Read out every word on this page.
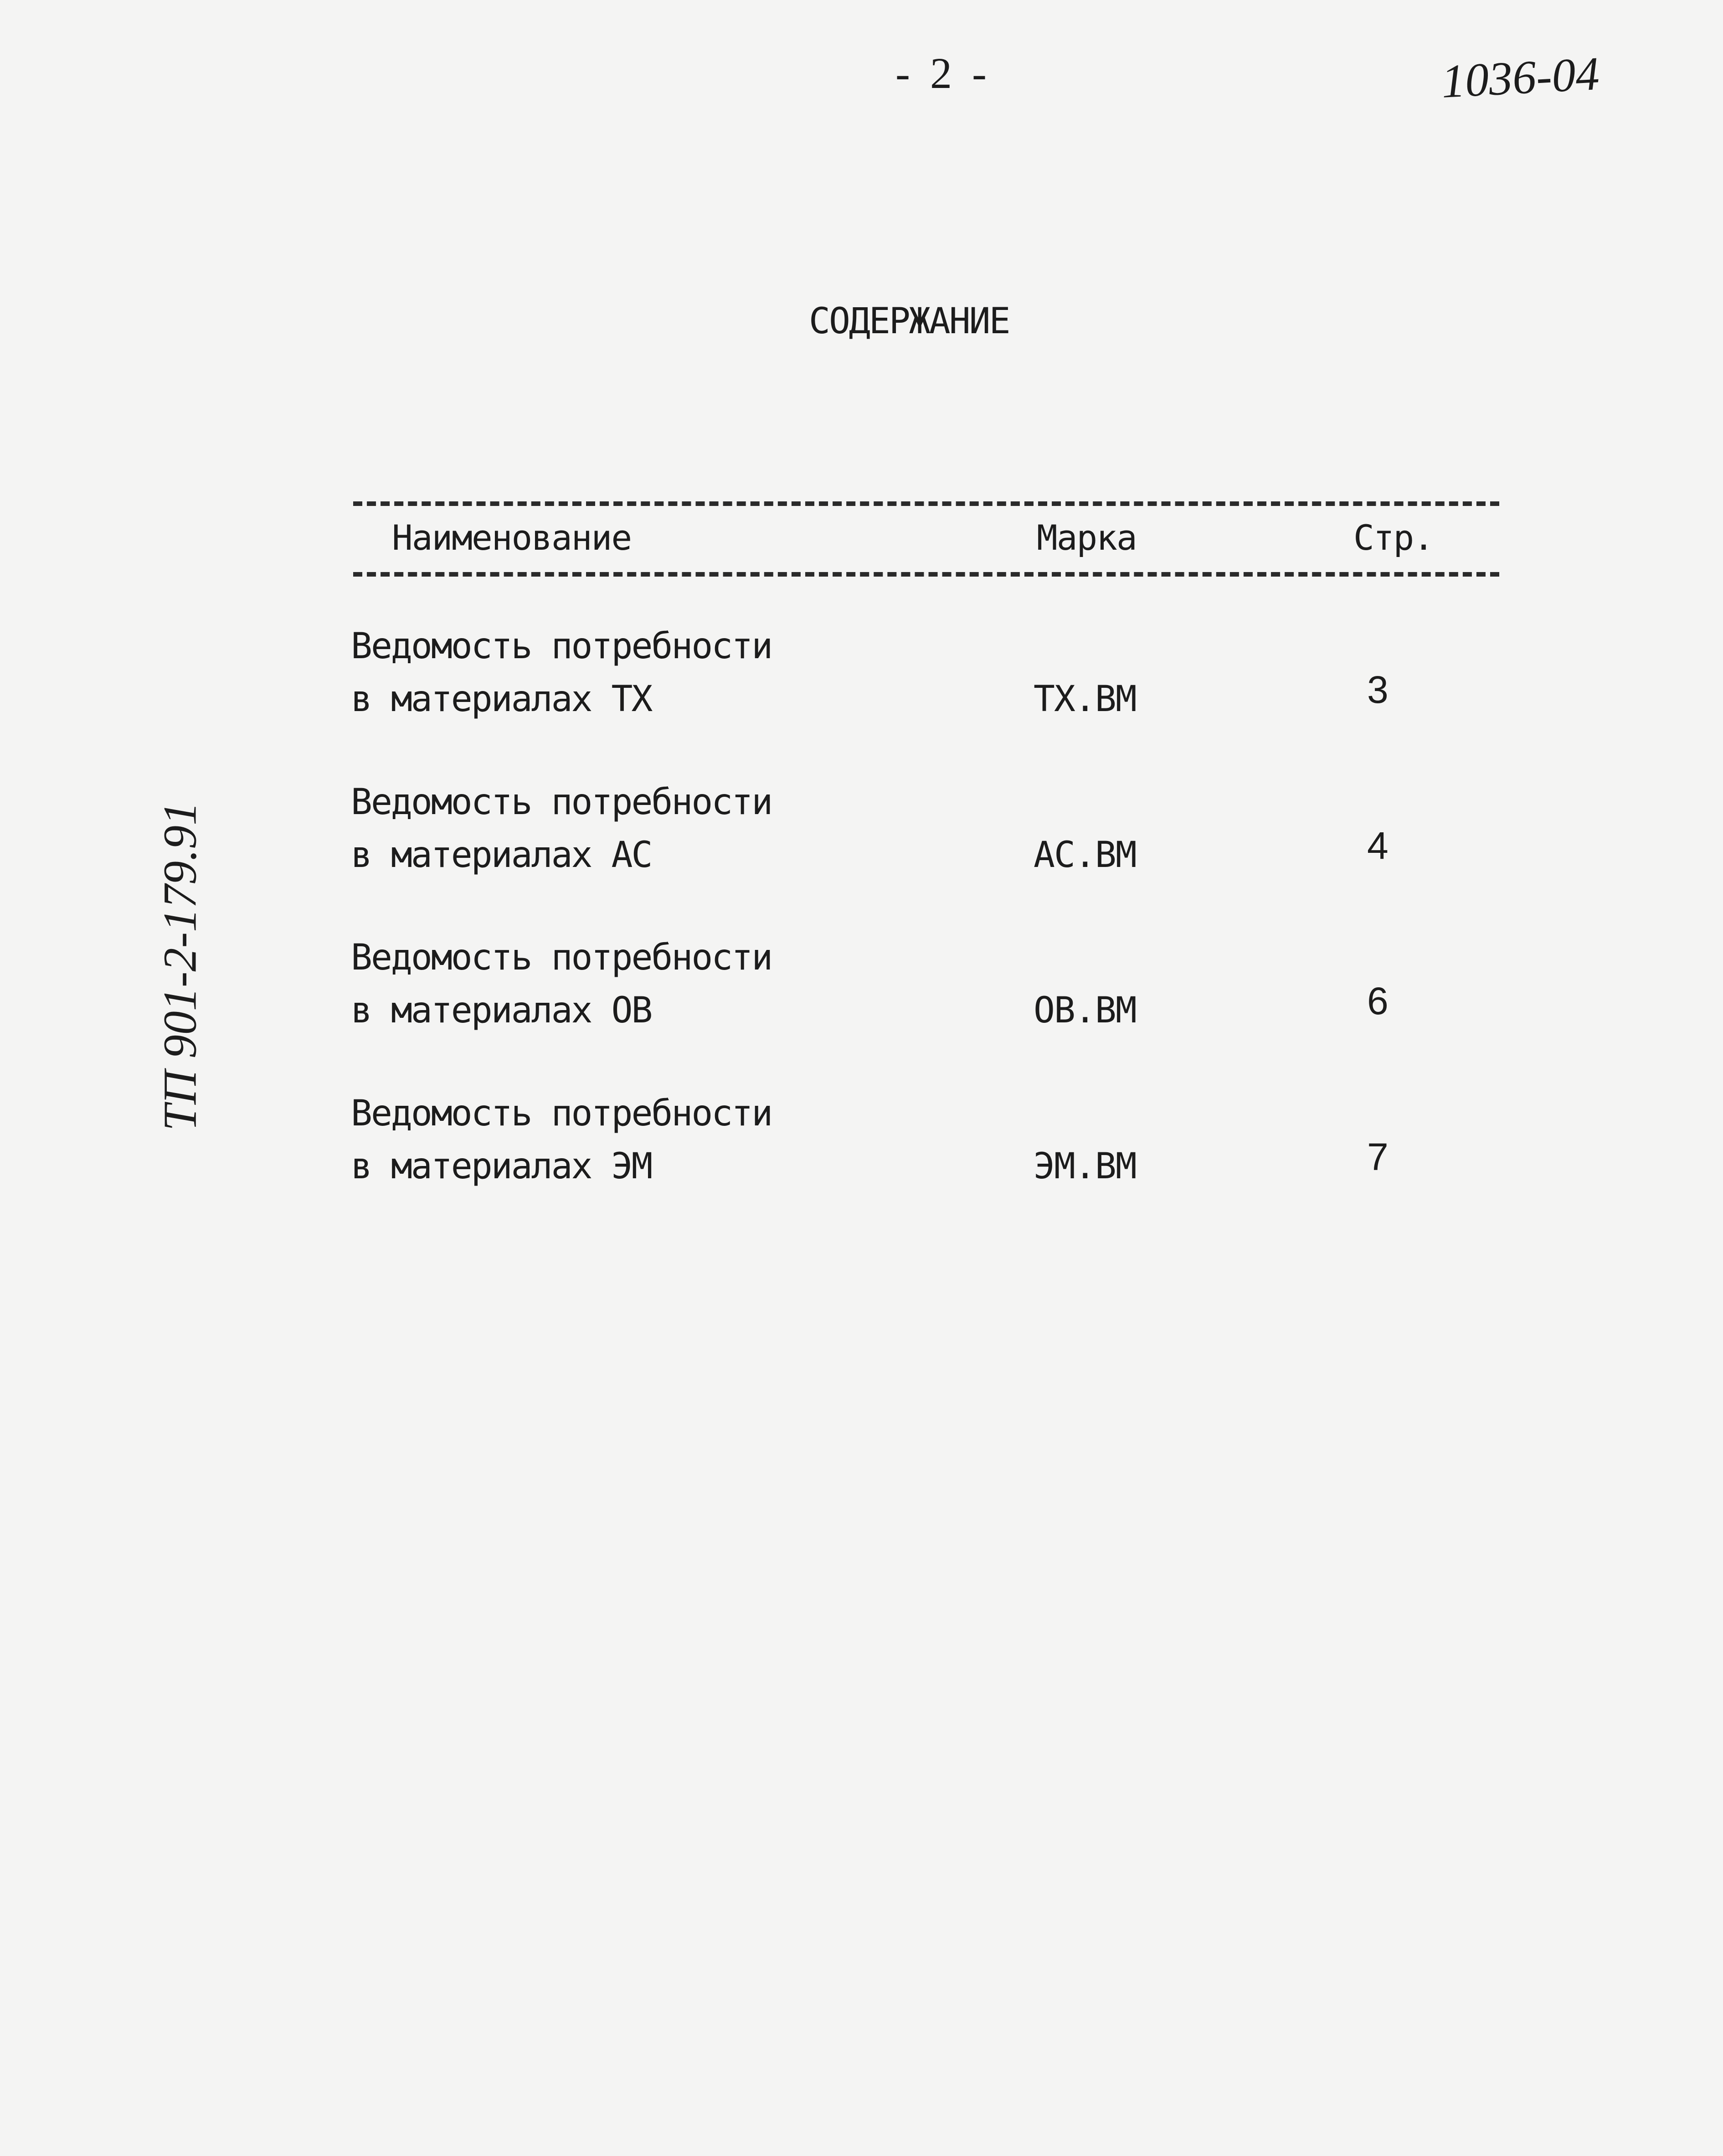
- 2 -	1036-04
ТП 901-2-179.91
СОДЕРЖАНИЕ
Наименование	Марка	Стр.
Ведомость потребности
в материалах ТХ	ТХ.ВМ	3
Ведомость потребности
в материалах АС	АС.ВМ	4
Ведомость потребности
в материалах ОВ	ОВ.ВМ	6
Ведомость потребности
в материалах ЭМ	ЭМ.ВМ	7
